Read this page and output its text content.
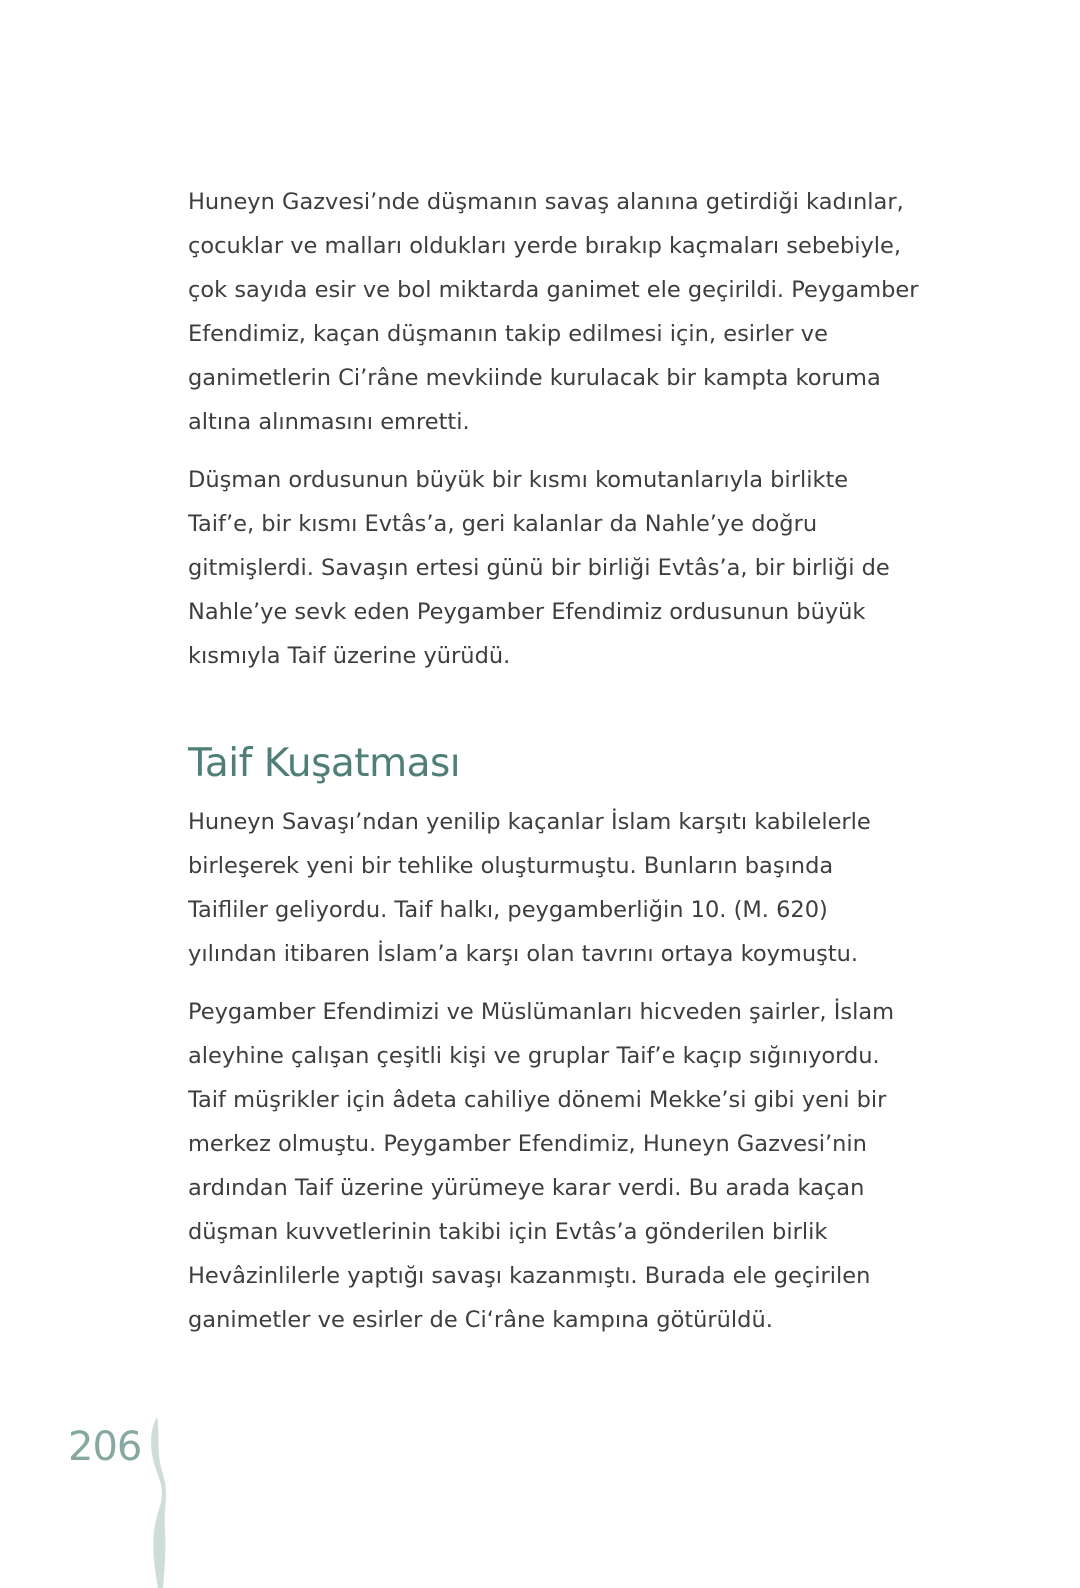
Huneyn Gazvesi’nde düşmanın savaş alanına getirdiği kadınlar,
çocuklar ve malları oldukları yerde bırakıp kaçmaları sebebiyle,
çok sayıda esir ve bol miktarda ganimet ele geçirildi. Peygamber
Efendimiz, kaçan düşmanın takip edilmesi için, esirler ve
ganimetlerin Ci’râne mevkiinde kurulacak bir kampta koruma
altına alınmasını emretti.
Düşman ordusunun büyük bir kısmı komutanlarıyla birlikte
Taif’e, bir kısmı Evtâs’a, geri kalanlar da Nahle’ye doğru
gitmişlerdi. Savaşın ertesi günü bir birliği Evtâs’a, bir birliği de
Nahle’ye sevk eden Peygamber Efendimiz ordusunun büyük
kısmıyla Taif üzerine yürüdü.
Taif Kuşatması
Huneyn Savaşı’ndan yenilip kaçanlar İslam karşıtı kabilelerle
birleşerek yeni bir tehlike oluşturmuştu. Bunların başında
Taifliler geliyordu. Taif halkı, peygamberliğin 10. (M. 620)
yılından itibaren İslam’a karşı olan tavrını ortaya koymuştu.
Peygamber Efendimizi ve Müslümanları hicveden şairler, İslam
aleyhine çalışan çeşitli kişi ve gruplar Taif’e kaçıp sığınıyordu.
Taif müşrikler için âdeta cahiliye dönemi Mekke’si gibi yeni bir
merkez olmuştu. Peygamber Efendimiz, Huneyn Gazvesi’nin
ardından Taif üzerine yürümeye karar verdi. Bu arada kaçan
düşman kuvvetlerinin takibi için Evtâs’a gönderilen birlik
Hevâzinlilerle yaptığı savaşı kazanmıştı. Burada ele geçirilen
ganimetler ve esirler de Ci‘râne kampına götürüldü.
206
